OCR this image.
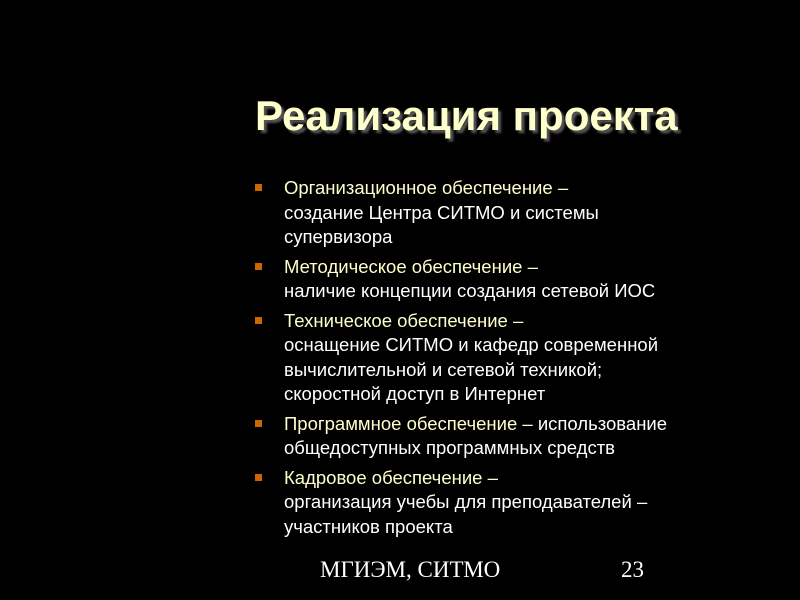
Реализация проекта
Организационное обеспечение –
создание Центра СИТМО и системы
супервизора
Методическое обеспечение –
наличие концепции создания сетевой ИОС
Техническое обеспечение –
оснащение СИТМО и кафедр современной
вычислительной и сетевой техникой;
скоростной доступ в Интернет
Программное обеспечение – использование
общедоступных программных средств
Кадровое обеспечение –
организация учебы для преподавателей –
участников проекта
МГИЭМ, СИТМО	23
